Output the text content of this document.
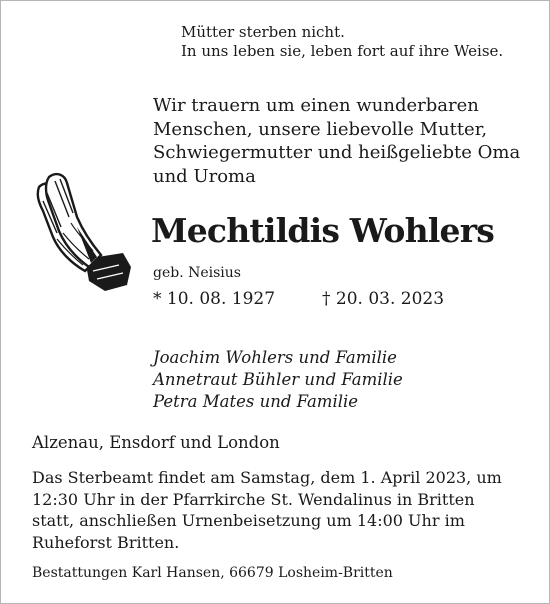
Mütter sterben nicht.
In uns leben sie, leben fort auf ihre Weise.
Wir trauern um einen wunderbaren
Menschen, unsere liebevolle Mutter,
Schwiegermutter und heißgeliebte Oma
und Uroma
Mechtildis Wohlers
geb. Neisius
* 10. 08. 1927	† 20. 03. 2023
Joachim Wohlers und Familie
Annetraut Bühler und Familie
Petra Mates und Familie
Alzenau, Ensdorf und London
Das Sterbeamt findet am Samstag, dem 1. April 2023, um
12:30 Uhr in der Pfarrkirche St. Wendalinus in Britten
statt, anschließen Urnenbeisetzung um 14:00 Uhr im
Ruheforst Britten.
Bestattungen Karl Hansen, 66679 Losheim-Britten
